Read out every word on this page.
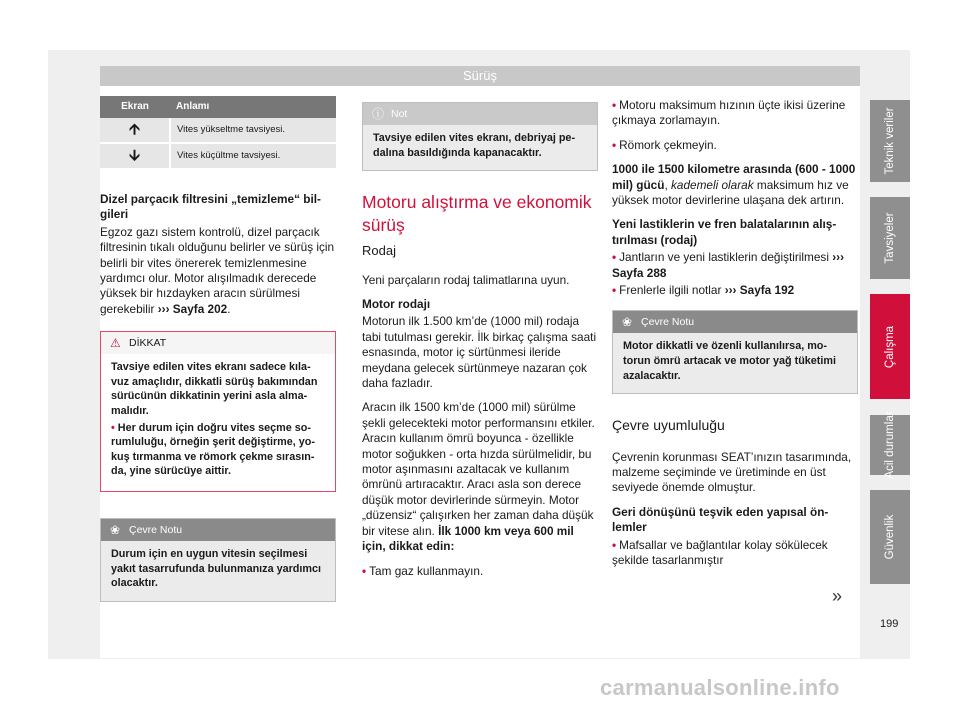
Sürüş
Ekran	Anlamı
🡩	Vites yükseltme tavsiyesi.
🡫	Vites küçültme tavsiyesi.

Dizel parçacık filtresini „temizleme“ bilgileri

Egzoz gazı sistem kontrolü, dizel parçacık filtresinin tıkalı olduğunu belirler ve sürüş için belirli bir vites önererek temizlenmesine yardımcı olur. Motor alışılmadık derecede yüksek bir hızdayken aracın sürülmesi gerekebilir ››› Sayfa 202.

⚠ DİKKAT

Tavsiye edilen vites ekranı sadece kılavuz amaçlıdır, dikkatli sürüş bakımından sürücünün dikkatinin yerini asla almamalıdır.

• Her durum için doğru vites seçme sorumluluğu, örneğin şerit değiştirme, yokuş tırmanma ve römork çekme sırasında, yine sürücüye aittir.

❀ Çevre Notu
Durum için en uygun vitesin seçilmesi yakıt tasarrufunda bulunmanıza yardımcı olacaktır.
ⓘ Not
Tavsiye edilen vites ekranı, debriyaj pedalına basıldığında kapanacaktır.
Motoru alıştırma ve ekonomik sürüş
Rodaj

Yeni parçaların rodaj talimatlarına uyun.

Motor rodajı

Motorun ilk 1.500 km’de (1000 mil) rodaja tabi tutulması gerekir. İlk birkaç çalışma saati esnasında, motor iç sürtünmesi ileride meydana gelecek sürtünmeye nazaran çok daha fazladır.

Aracın ilk 1500 km’de (1000 mil) sürülme şekli gelecekteki motor performansını etkiler. Aracın kullanım ömrü boyunca - özellikle motor soğukken - orta hızda sürülmelidir, bu motor aşınmasını azaltacak ve kullanım ömrünü artıracaktır. Aracı asla son derece düşük motor devirlerinde sürmeyin. Motor „düzensiz“ çalışırken her zaman daha düşük bir vitese alın. İlk 1000 km veya 600 mil için, dikkat edin:

• Tam gaz kullanmayın.

• Motoru maksimum hızının üçte ikisi üzerine çıkmaya zorlamayın.

• Römork çekmeyin.

1000 ile 1500 kilometre arasında (600 - 1000 mil) gücü, kademeli olarak maksimum hız ve yüksek motor devirlerine ulaşana dek artırın.

Yeni lastiklerin ve fren balatalarının alıştırılması (rodaj)

• Jantların ve yeni lastiklerin değiştirilmesi ››› Sayfa 288

• Frenlerle ilgili notlar ››› Sayfa 192

❀ Çevre Notu
Motor dikkatli ve özenli kullanılırsa, motorun ömrü artacak ve motor yağ tüketimi azalacaktır.
Çevre uyumluluğu

Çevrenin korunması SEAT’ınızın tasarımında, malzeme seçiminde ve üretiminde en üst seviyede önemde olmuştur.

Geri dönüşünü teşvik eden yapısal önlemler

• Mafsallar ve bağlantılar kolay sökülecek şekilde tasarlanmıştır

»
Teknik veriler
Tavsiyeler
Çalışma
Acil durumlar
Güvenlik
199
carmanualsonline.info
